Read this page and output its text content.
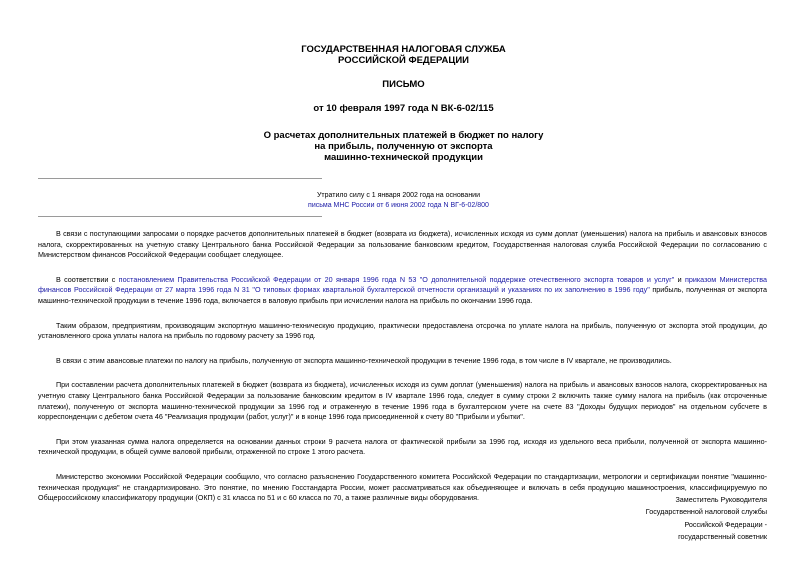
ГОСУДАРСТВЕННАЯ НАЛОГОВАЯ СЛУЖБА
РОССИЙСКОЙ ФЕДЕРАЦИИ
ПИСЬМО
от 10 февраля 1997 года N ВК-6-02/115
О расчетах дополнительных платежей в бюджет по налогу
на прибыль, полученную от экспорта
машинно-технической продукции
Утратило силу с 1 января 2002 года на основании
письма МНС России от 6 июня 2002 года N ВГ-6-02/800

В связи с поступающими запросами о порядке расчетов дополнительных платежей в бюджет (возврата из бюджета), исчисленных исходя из сумм доплат (уменьшения) налога на прибыль и авансовых взносов налога, скорректированных на учетную ставку Центрального банка Российской Федерации за пользование банковским кредитом, Государственная налоговая служба Российской Федерации по согласованию с Министерством финансов Российской Федерации сообщает следующее.

В соответствии с постановлением Правительства Российской Федерации от 20 января 1996 года N 53 "О дополнительной поддержке отечественного экспорта товаров и услуг" и приказом Министерства финансов Российской Федерации от 27 марта 1996 года N 31 "О типовых формах квартальной бухгалтерской отчетности организаций и указаниях по их заполнению в 1996 году" прибыль, полученная от экспорта машинно-технической продукции в течение 1996 года, включается в валовую прибыль при исчислении налога на прибыль по окончании 1996 года.

Таким образом, предприятиям, производящим экспортную машинно-техническую продукцию, практически предоставлена отсрочка по уплате налога на прибыль, полученную от экспорта этой продукции, до установленного срока уплаты налога на прибыль по годовому расчету за 1996 год.

В связи с этим авансовые платежи по налогу на прибыль, полученную от экспорта машинно-технической продукции в течение 1996 года, в том числе в IV квартале, не производились.

При составлении расчета дополнительных платежей в бюджет (возврата из бюджета), исчисленных исходя из сумм доплат (уменьшения) налога на прибыль и авансовых взносов налога, скорректированных на учетную ставку Центрального банка Российской Федерации за пользование банковским кредитом в IV квартале 1996 года, следует в сумму строки 2 включить также сумму налога на прибыль (как отсроченные платежи), полученную от экспорта машинно-технической продукции за 1996 год и отраженную в течение 1996 года в бухгалтерском учете на счете 83 "Доходы будущих периодов" на отдельном субсчете в корреспонденции с дебетом счета 46 "Реализация продукции (работ, услуг)" и в конце 1996 года присоединенной к счету 80 "Прибыли и убытки".

При этом указанная сумма налога определяется на основании данных строки 9 расчета налога от фактической прибыли за 1996 год, исходя из удельного веса прибыли, полученной от экспорта машинно-технической продукции, в общей сумме валовой прибыли, отраженной по строке 1 этого расчета.

Министерство экономики Российской Федерации сообщило, что согласно разъяснению Государственного комитета Российской Федерации по стандартизации, метрологии и сертификации понятие "машинно-техническая продукция" не стандартизировано. Это понятие, по мнению Госстандарта России, может рассматриваться как объединяющее и включать в себя продукцию машиностроения, классифицируемую по Общероссийскому классификатору продукции (ОКП) с 31 класса по 51 и с 60 класса по 70, а также различные виды оборудования.	Заместитель Руководителя
Государственной налоговой службы
Российской Федерации -
государственный советник
